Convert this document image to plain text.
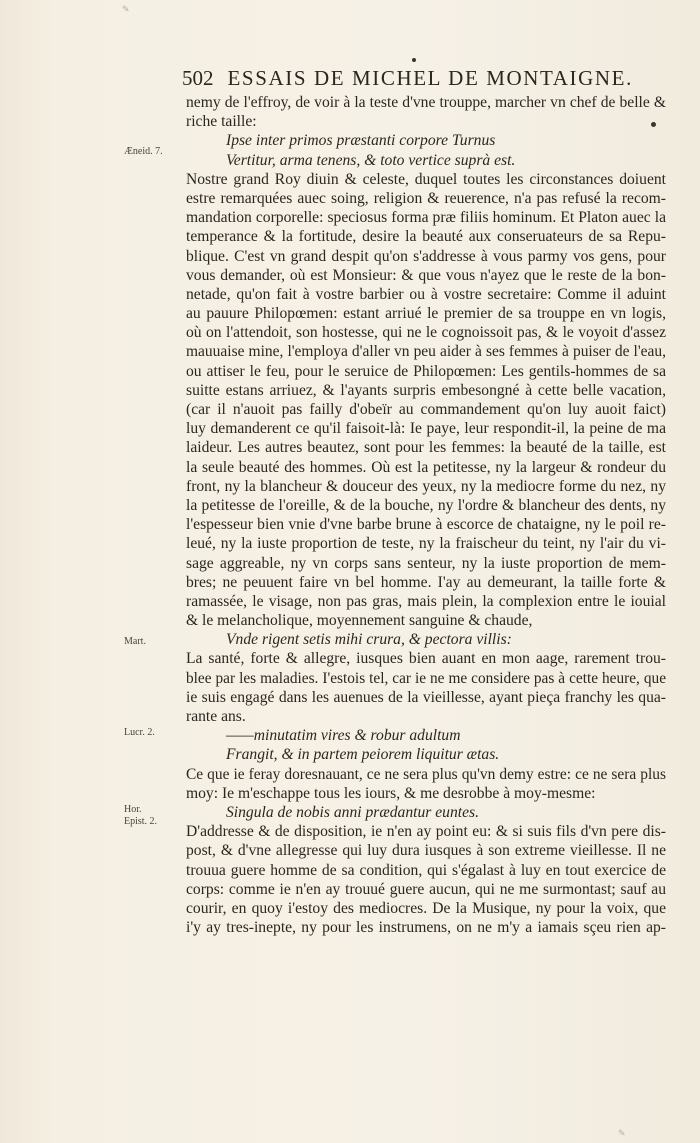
✎
502 ESSAIS DE MICHEL DE MONTAIGNE.
Æneid. 7.
Mart.
Lucr. 2.
Hor.
Epist. 2.
nemy de l'effroy, de voir à la teste d'vne trouppe, marcher vn chef de belle &
riche taille:
Ipse inter primos præstanti corpore Turnus
Vertitur, arma tenens, & toto vertice suprà est.
Nostre grand Roy diuin & celeste, duquel toutes les circonstances doiuent
estre remarquées auec soing, religion & reuerence, n'a pas refusé la recom-
mandation corporelle: speciosus forma præ filiis hominum. Et Platon auec la
temperance & la fortitude, desire la beauté aux conseruateurs de sa Repu-
blique. C'est vn grand despit qu'on s'addresse à vous parmy vos gens, pour
vous demander, où est Monsieur: & que vous n'ayez que le reste de la bon-
netade, qu'on fait à vostre barbier ou à vostre secretaire: Comme il aduint
au pauure Philopœmen: estant arriué le premier de sa trouppe en vn logis,
où on l'attendoit, son hostesse, qui ne le cognoissoit pas, & le voyoit d'assez
mauuaise mine, l'employa d'aller vn peu aider à ses femmes à puiser de l'eau,
ou attiser le feu, pour le seruice de Philopœmen: Les gentils-hommes de sa
suitte estans arriuez, & l'ayants surpris embesongné à cette belle vacation,
(car il n'auoit pas failly d'obeïr au commandement qu'on luy auoit faict)
luy demanderent ce qu'il faisoit-là: Ie paye, leur respondit-il, la peine de ma
laideur. Les autres beautez, sont pour les femmes: la beauté de la taille, est
la seule beauté des hommes. Où est la petitesse, ny la largeur & rondeur du
front, ny la blancheur & douceur des yeux, ny la mediocre forme du nez, ny
la petitesse de l'oreille, & de la bouche, ny l'ordre & blancheur des dents, ny
l'espesseur bien vnie d'vne barbe brune à escorce de chataigne, ny le poil re-
leué, ny la iuste proportion de teste, ny la fraischeur du teint, ny l'air du vi-
sage aggreable, ny vn corps sans senteur, ny la iuste proportion de mem-
bres; ne peuuent faire vn bel homme. I'ay au demeurant, la taille forte &
ramassée, le visage, non pas gras, mais plein, la complexion entre le iouial
& le melancholique, moyennement sanguine & chaude,
Vnde rigent setis mihi crura, & pectora villis:
La santé, forte & allegre, iusques bien auant en mon aage, rarement trou-
blee par les maladies. I'estois tel, car ie ne me considere pas à cette heure, que
ie suis engagé dans les auenues de la vieillesse, ayant pieça franchy les qua-
rante ans.
——minutatim vires & robur adultum
Frangit, & in partem peiorem liquitur ætas.
Ce que ie feray doresnauant, ce ne sera plus qu'vn demy estre: ce ne sera plus
moy: Ie m'eschappe tous les iours, & me desrobbe à moy-mesme:
Singula de nobis anni prædantur euntes.
D'addresse & de disposition, ie n'en ay point eu: & si suis fils d'vn pere dis-
post, & d'vne allegresse qui luy dura iusques à son extreme vieillesse. Il ne
trouua guere homme de sa condition, qui s'égalast à luy en tout exercice de
corps: comme ie n'en ay trouué guere aucun, qui ne me surmontast; sauf au
courir, en quoy i'estoy des mediocres. De la Musique, ny pour la voix, que
i'y ay tres-inepte, ny pour les instrumens, on ne m'y a iamais sçeu rien ap-
✎
